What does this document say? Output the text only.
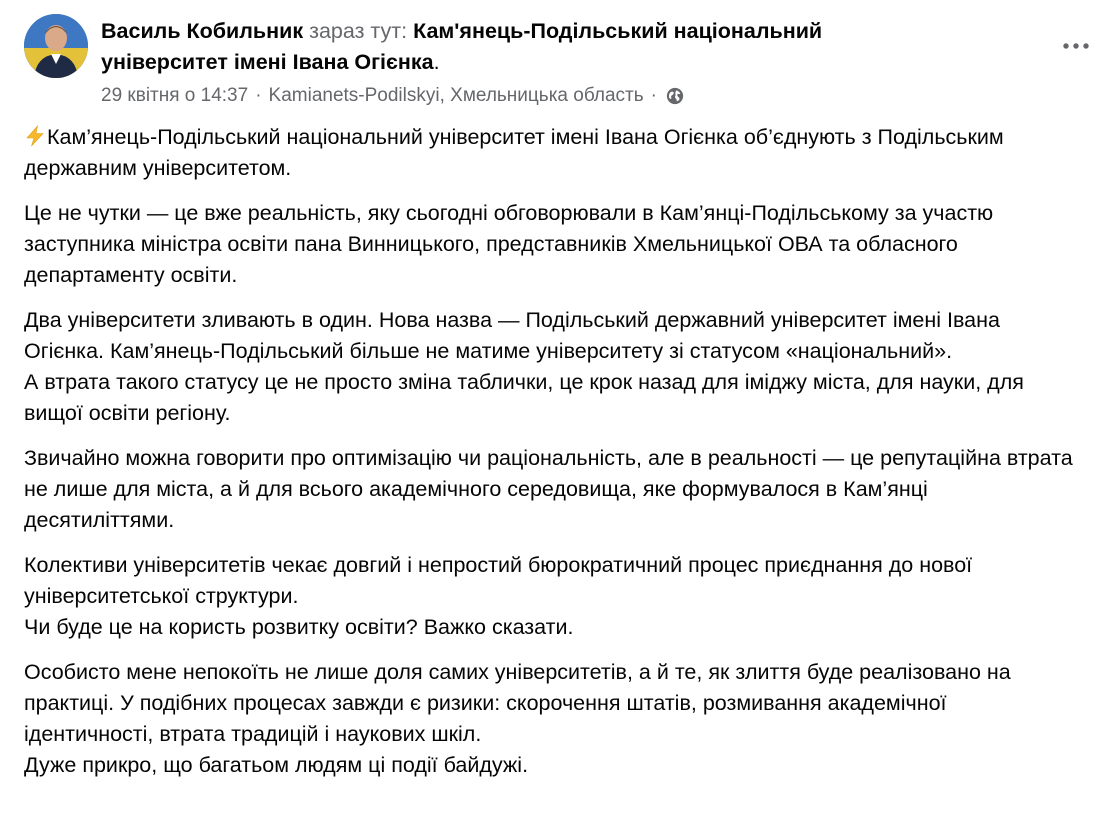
Василь Кобильник зараз тут: Кам'янець-Подільський національний
університет імені Івана Огієнка.
29 квітня о 14:37 · Kamianets-Podilskyi, Хмельницька область ·

Кам’янець-Подільський національний університет імені Івана Огієнка об’єднують з Подільським державним університетом.

Це не чутки — це вже реальність, яку сьогодні обговорювали в Кам’янці-Подільському за участю заступника міністра освіти пана Винницького, представників Хмельницької ОВА та обласного департаменту освіти.

Два університети зливають в один. Нова назва — Подільський державний університет імені Івана Огієнка. Кам’янець-Подільський більше не матиме університету зі статусом «національний».
А втрата такого статусу це не просто зміна таблички, це крок назад для іміджу міста, для науки, для вищої освіти регіону.

Звичайно можна говорити про оптимізацію чи раціональність, але в реальності — це репутаційна втрата не лише для міста, а й для всього академічного середовища, яке формувалося в Кам’янці десятиліттями.

Колективи університетів чекає довгий і непростий бюрократичний процес приєднання до нової університетської структури.
Чи буде це на користь розвитку освіти? Важко сказати.

Особисто мене непокоїть не лише доля самих університетів, а й те, як злиття буде реалізовано на практиці. У подібних процесах завжди є ризики: скорочення штатів, розмивання академічної ідентичності, втрата традицій і наукових шкіл.
Дуже прикро, що багатьом людям ці події байдужі.
